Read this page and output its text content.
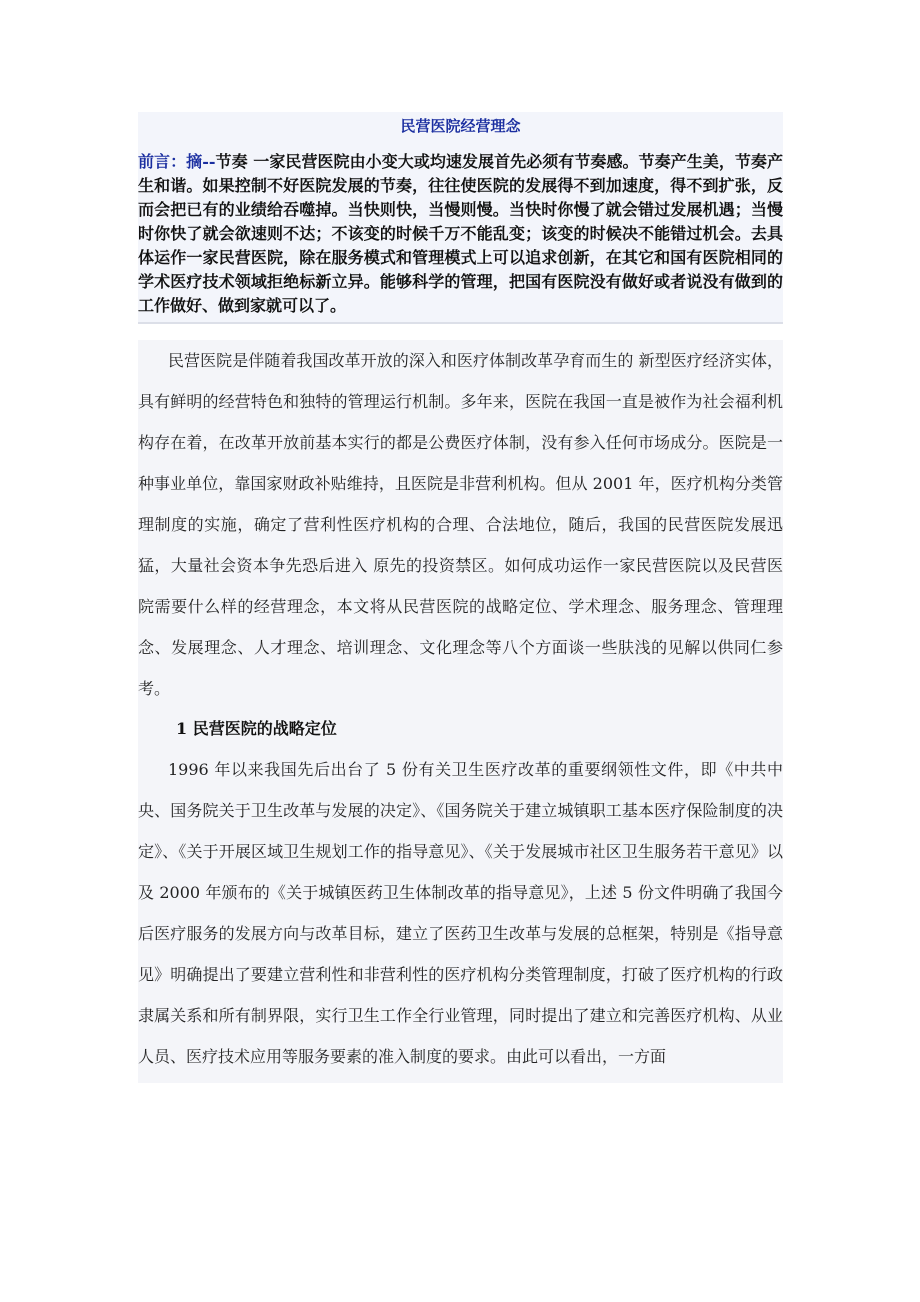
民营医院经营理念

前言：摘--节奏 一家民营医院由小变大或均速发展首先必须有节奏感。节奏产生美，节奏产生和谐。如果控制不好医院发展的节奏，往往使医院的发展得不到加速度，得不到扩张，反而会把已有的业绩给吞噬掉。当快则快，当慢则慢。当快时你慢了就会错过发展机遇；当慢时你快了就会欲速则不达；不该变的时候千万不能乱变；该变的时候决不能错过机会。去具体运作一家民营医院，除在服务模式和管理模式上可以追求创新，在其它和国有医院相同的学术医疗技术领域拒绝标新立异。能够科学的管理，把国有医院没有做好或者说没有做到的工作做好、做到家就可以了。

民营医院是伴随着我国改革开放的深入和医疗体制改革孕育而生的 新型医疗经济实体，具有鲜明的经营特色和独特的管理运行机制。多年来，医院在我国一直是被作为社会福利机构存在着，在改革开放前基本实行的都是公费医疗体制，没有参入任何市场成分。医院是一种事业单位，靠国家财政补贴维持，且医院是非营利机构。但从 2001 年，医疗机构分类管理制度的实施，确定了营利性医疗机构的合理、合法地位，随后，我国的民营医院发展迅猛，大量社会资本争先恐后进入 原先的投资禁区。如何成功运作一家民营医院以及民营医院需要什么样的经营理念，本文将从民营医院的战略定位、学术理念、服务理念、管理理念、发展理念、人才理念、培训理念、文化理念等八个方面谈一些肤浅的见解以供同仁参考。

1 民营医院的战略定位

1996 年以来我国先后出台了 5 份有关卫生医疗改革的重要纲领性文件，即《中共中央、国务院关于卫生改革与发展的决定》、《国务院关于建立城镇职工基本医疗保险制度的决定》、《关于开展区域卫生规划工作的指导意见》、《关于发展城市社区卫生服务若干意见》以及 2000 年颁布的《关于城镇医药卫生体制改革的指导意见》，上述 5 份文件明确了我国今后医疗服务的发展方向与改革目标，建立了医药卫生改革与发展的总框架，特别是《指导意见》明确提出了要建立营利性和非营利性的医疗机构分类管理制度，打破了医疗机构的行政隶属关系和所有制界限，实行卫生工作全行业管理，同时提出了建立和完善医疗机构、从业人员、医疗技术应用等服务要素的准入制度的要求。由此可以看出，一方面
